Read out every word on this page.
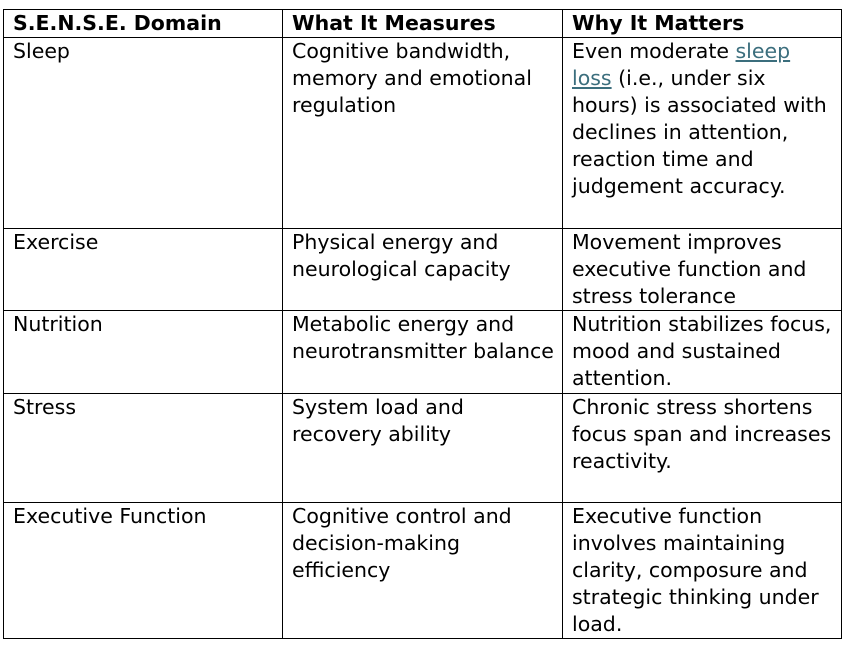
S.E.N.S.E. Domain	What It Measures	Why It Matters
Sleep	Cognitive bandwidth, memory and emotional regulation	Even moderate sleep loss (i.e., under six hours) is associated with declines in attention, reaction time and judgement accuracy.
Exercise	Physical energy and neurological capacity	Movement improves executive function and stress tolerance
Nutrition	Metabolic energy and neurotransmitter balance	Nutrition stabilizes focus, mood and sustained attention.
Stress	System load and recovery ability	Chronic stress shortens focus span and increases reactivity.
Executive Function	Cognitive control and decision-making efficiency	Executive function involves maintaining clarity, composure and strategic thinking under load.
